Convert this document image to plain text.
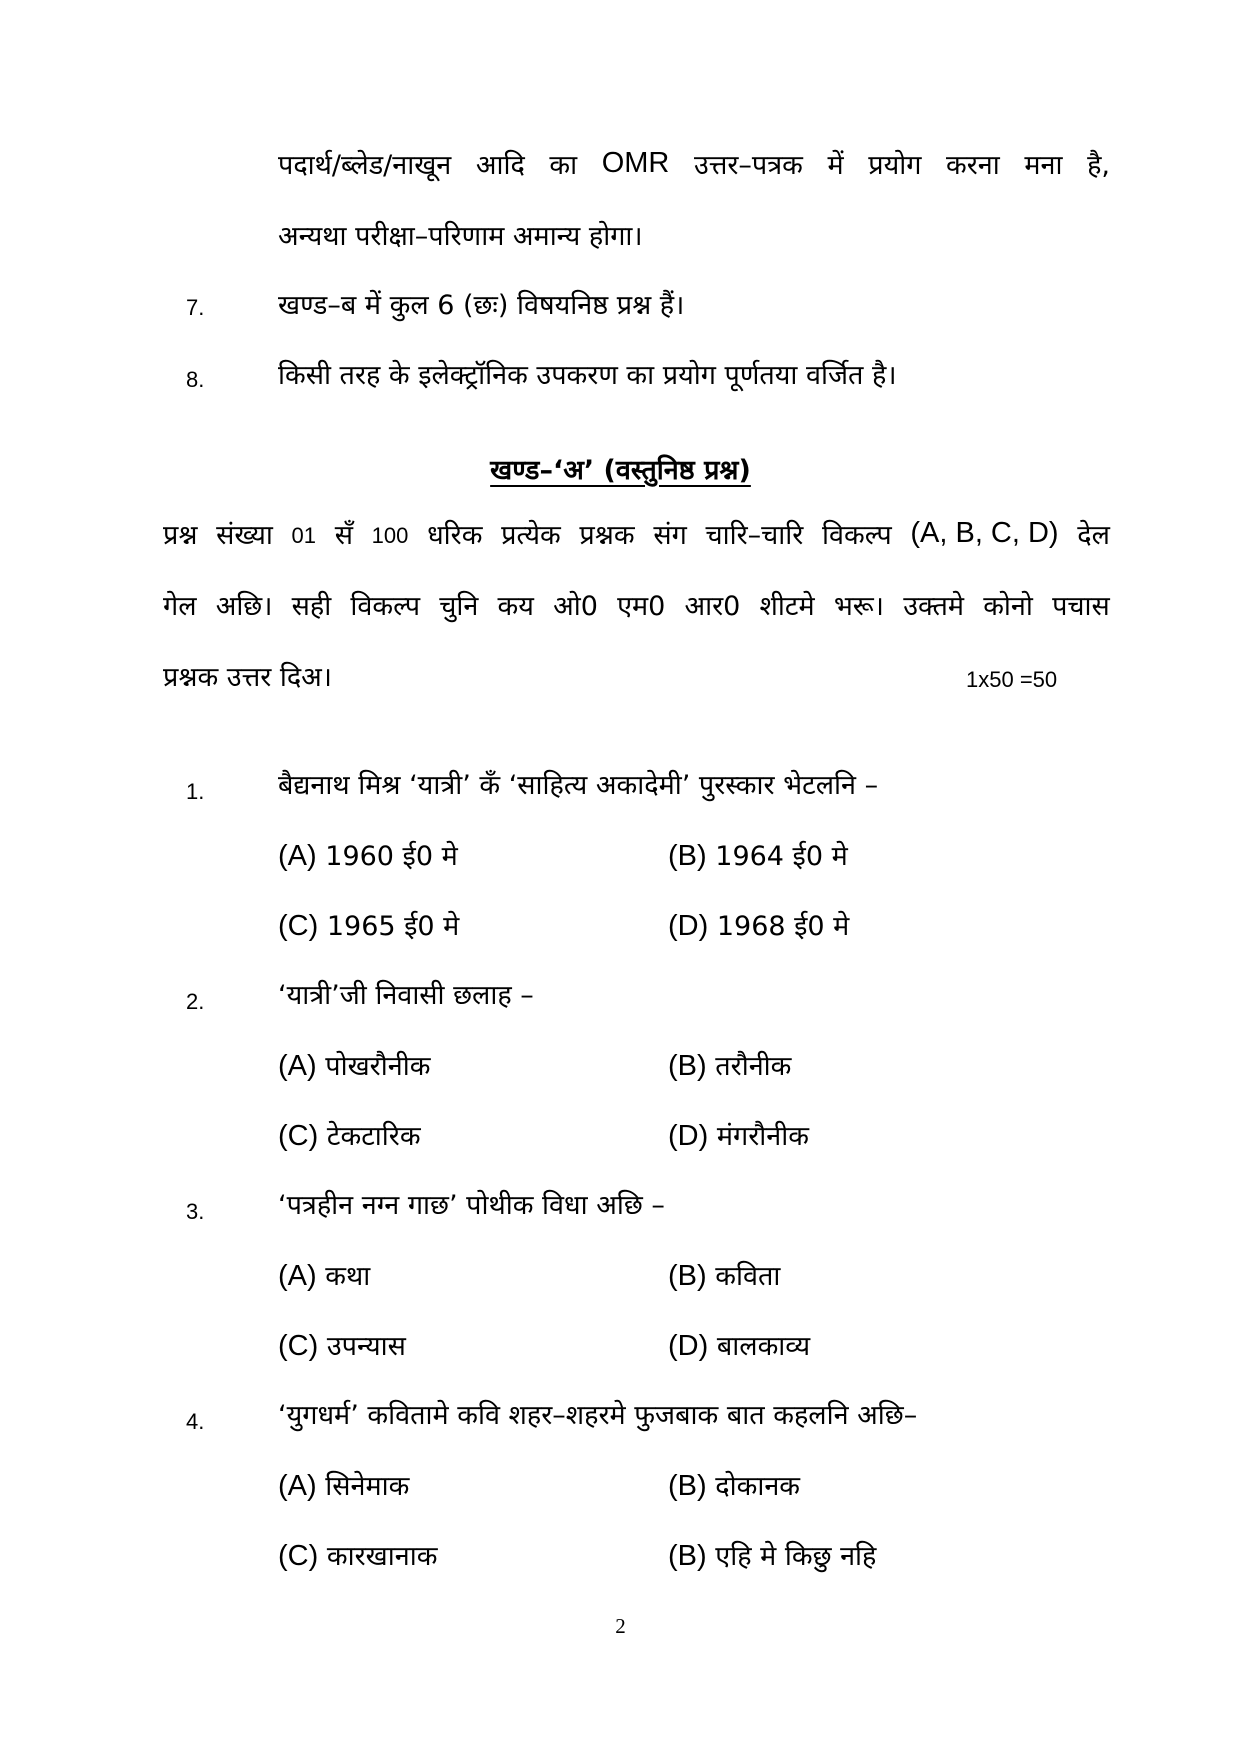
पदार्थ/ब्लेड/नाखून आदि का OMR उत्तर–पत्रक में प्रयोग करना मना है,
अन्यथा परीक्षा–परिणाम अमान्य होगा।
7.	खण्ड–ब में कुल 6 (छः) विषयनिष्ठ प्रश्न हैं।
8.	किसी तरह के इलेक्ट्रॉनिक उपकरण का प्रयोग पूर्णतया वर्जित है।
खण्ड–‘अ’ (वस्तुनिष्ठ प्रश्न)
प्रश्न संख्या 01 सँ 100 धरिक प्रत्येक प्रश्नक संग चारि–चारि विकल्प (A, B, C, D) देल
गेल अछि। सही विकल्प चुनि कय ओ0 एम0 आर0 शीटमे भरू। उक्तमे कोनो पचास
प्रश्नक उत्तर दिअ।	1x50 =50
1.	बैद्यनाथ मिश्र ‘यात्री’ कँ ‘साहित्य अकादेमी’ पुरस्कार भेटलनि –
(A) 1960 ई0 मे	(B) 1964 ई0 मे
(C) 1965 ई0 मे	(D) 1968 ई0 मे
2.	‘यात्री’जी निवासी छलाह –
(A) पोखरौनीक	(B) तरौनीक
(C) टेकटारिक	(D) मंगरौनीक
3.	‘पत्रहीन नग्न गाछ’ पोथीक विधा अछि –
(A) कथा	(B) कविता
(C) उपन्यास	(D) बालकाव्य
4.	‘युगधर्म’ कवितामे कवि शहर–शहरमे फुजबाक बात कहलनि अछि–
(A) सिनेमाक	(B) दोकानक
(C) कारखानाक	(B) एहि मे किछु नहि
2
